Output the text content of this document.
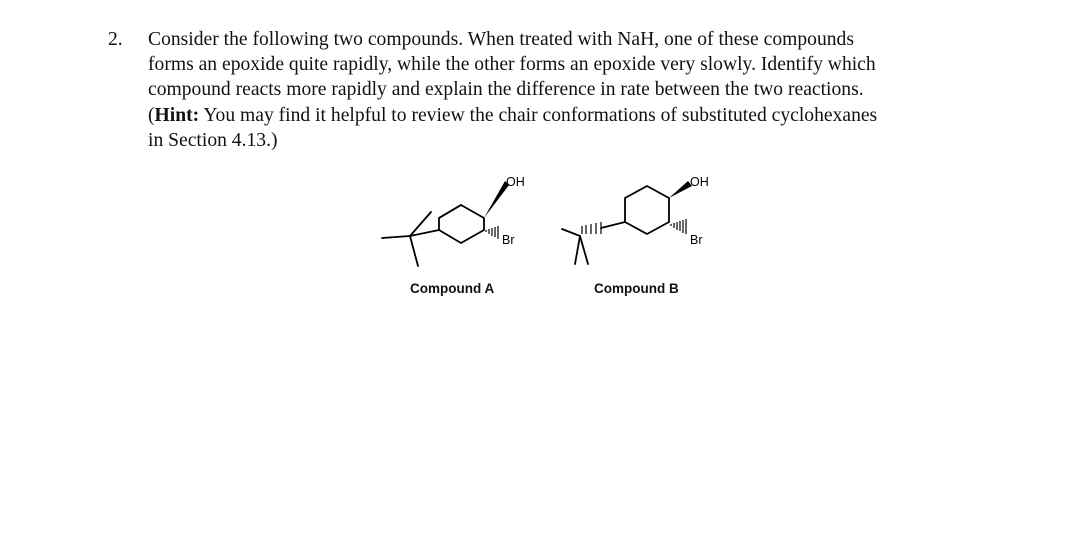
2.	Consider the following two compounds. When treated with NaH, one of these compounds
forms an epoxide quite rapidly, while the other forms an epoxide very slowly. Identify which
compound reacts more rapidly and explain the difference in rate between the two reactions.
(Hint: You may find it helpful to review the chair conformations of substituted cyclohexanes
in Section 4.13.)
OH
Br
Compound A
OH
Br
Compound B
